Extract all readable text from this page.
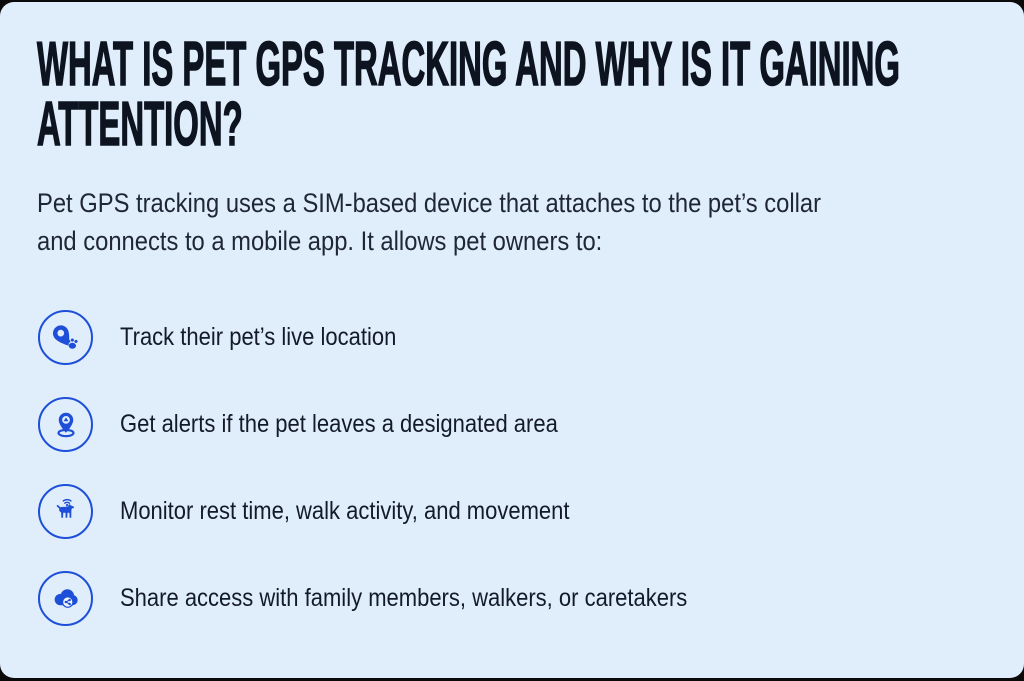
WHAT IS PET GPS TRACKING AND WHY IS IT GAINING
ATTENTION?

Pet GPS tracking uses a SIM-based device that attaches to the pet’s collar
and connects to a mobile app. It allows pet owners to:

Track their pet’s live location
Get alerts if the pet leaves a designated area
Monitor rest time, walk activity, and movement
Share access with family members, walkers, or caretakers
